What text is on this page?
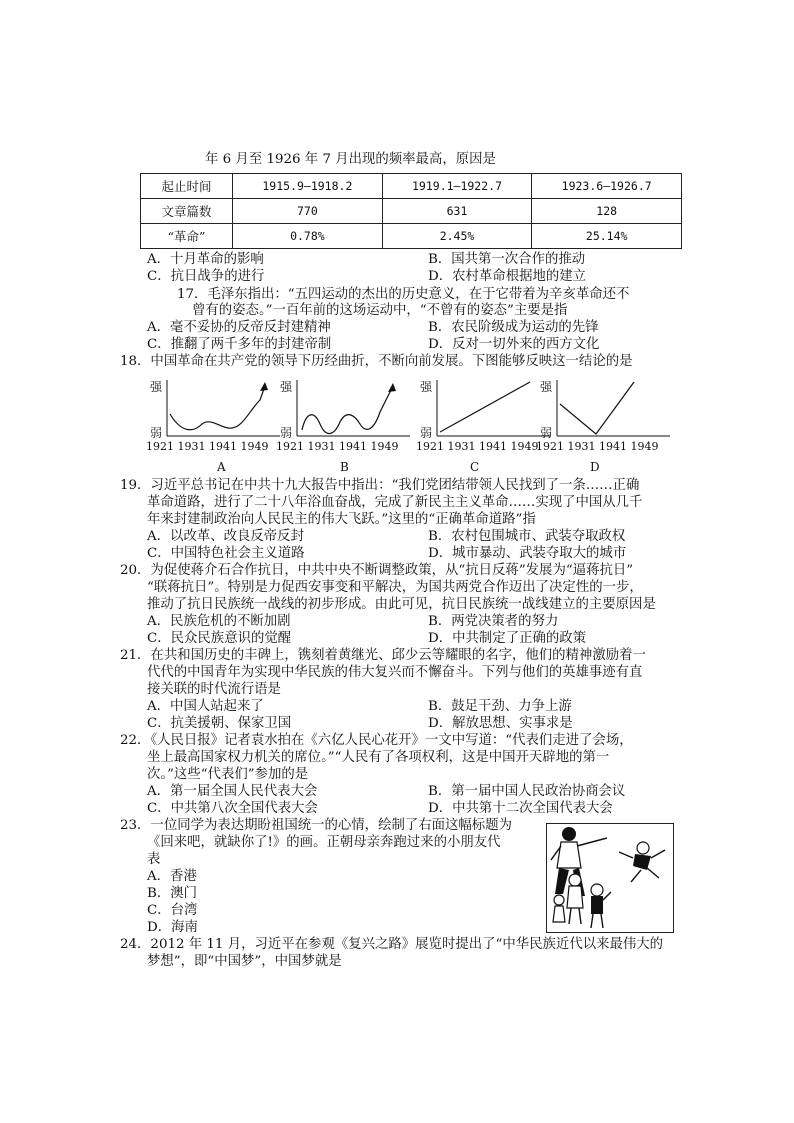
年 6 月至 1926 年 7 月出现的频率最高，原因是
起止时间	1915.9—1918.2	1919.1—1922.7	1923.6—1926.7
文章篇数	770	631	128
“革命”	0.78%	2.45%	25.14%
A．十月革命的影响	B．国共第一次合作的推动
C．抗日战争的进行	D．农村革命根据地的建立
17．毛泽东指出：“五四运动的杰出的历史意义，在于它带着为辛亥革命还不
曾有的姿态。”一百年前的这场运动中，“不曾有的姿态”主要是指
A．毫不妥协的反帝反封建精神	B．农民阶级成为运动的先锋
C．推翻了两千多年的封建帝制	D．反对一切外来的西方文化
18．中国革命在共产党的领导下历经曲折，不断向前发展。下图能够反映这一结论的是
强
弱
1921 1931 1941 1949
A
强
弱
1921 1931 1941 1949
B
强
弱
1921 1931 1941 1949
C
强
弱
1921 1931 1941 1949
D
19．习近平总书记在中共十九大报告中指出：“我们党团结带领人民找到了一条……正确
革命道路，进行了二十八年浴血奋战，完成了新民主主义革命……实现了中国从几千
年来封建制政治向人民民主的伟大飞跃。”这里的“正确革命道路”指
A．以改革、改良反帝反封	B．农村包围城市、武装夺取政权
C．中国特色社会主义道路	D．城市暴动、武装夺取大的城市
20．为促使蒋介石合作抗日，中共中央不断调整政策，从“抗日反蒋”发展为“逼蒋抗日”
“联蒋抗日”。特别是力促西安事变和平解决，为国共两党合作迈出了决定性的一步，
推动了抗日民族统一战线的初步形成。由此可见，抗日民族统一战线建立的主要原因是
A．民族危机的不断加剧	B．两党决策者的努力
C．民众民族意识的觉醒	D．中共制定了正确的政策
21．在共和国历史的丰碑上，镌刻着黄继光、邱少云等耀眼的名字，他们的精神激励着一
代代的中国青年为实现中华民族的伟大复兴而不懈奋斗。下列与他们的英雄事迹有直
接关联的时代流行语是
A．中国人站起来了	B．鼓足干劲、力争上游
C．抗美援朝、保家卫国	D．解放思想、实事求是
22．《人民日报》记者袁水拍在《六亿人民心花开》一文中写道：“代表们走进了会场，
坐上最高国家权力机关的席位。”“人民有了各项权利，这是中国开天辟地的第一
次。”这些“代表们”参加的是
A．第一届全国人民代表大会	B．第一届中国人民政治协商会议
C．中共第八次全国代表大会	D．中共第十二次全国代表大会
23．一位同学为表达期盼祖国统一的心情，绘制了右面这幅标题为
《回来吧，就缺你了!》的画。正朝母亲奔跑过来的小朋友代
表
A．香港
B．澳门
C．台湾
D．海南
24．2012 年 11 月，习近平在参观《复兴之路》展览时提出了“中华民族近代以来最伟大的
梦想”，即“中国梦”，中国梦就是
